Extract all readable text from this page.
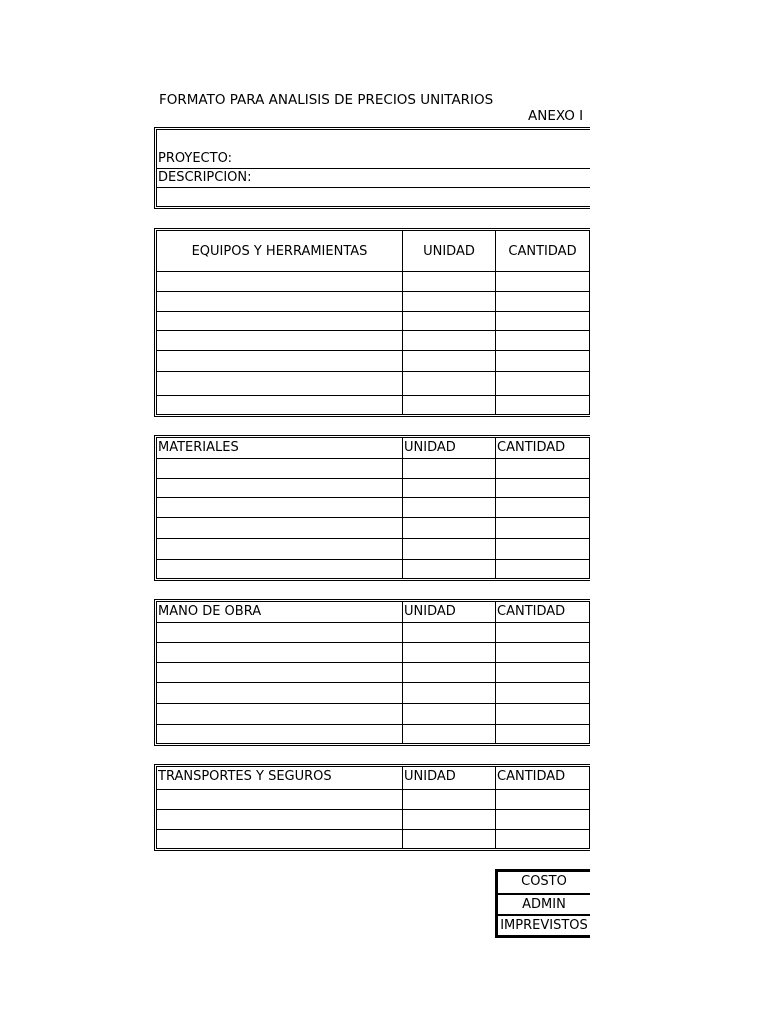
FORMATO PARA ANALISIS DE PRECIOS UNITARIOS
ANEXO I
PROYECTO:
DESCRIPCION:
EQUIPOS Y HERRAMIENTAS	UNIDAD	CANTIDAD
MATERIALES	UNIDAD	CANTIDAD
MANO DE OBRA	UNIDAD	CANTIDAD
TRANSPORTES Y SEGUROS	UNIDAD	CANTIDAD
COSTO
ADMIN
IMPREVISTOS
